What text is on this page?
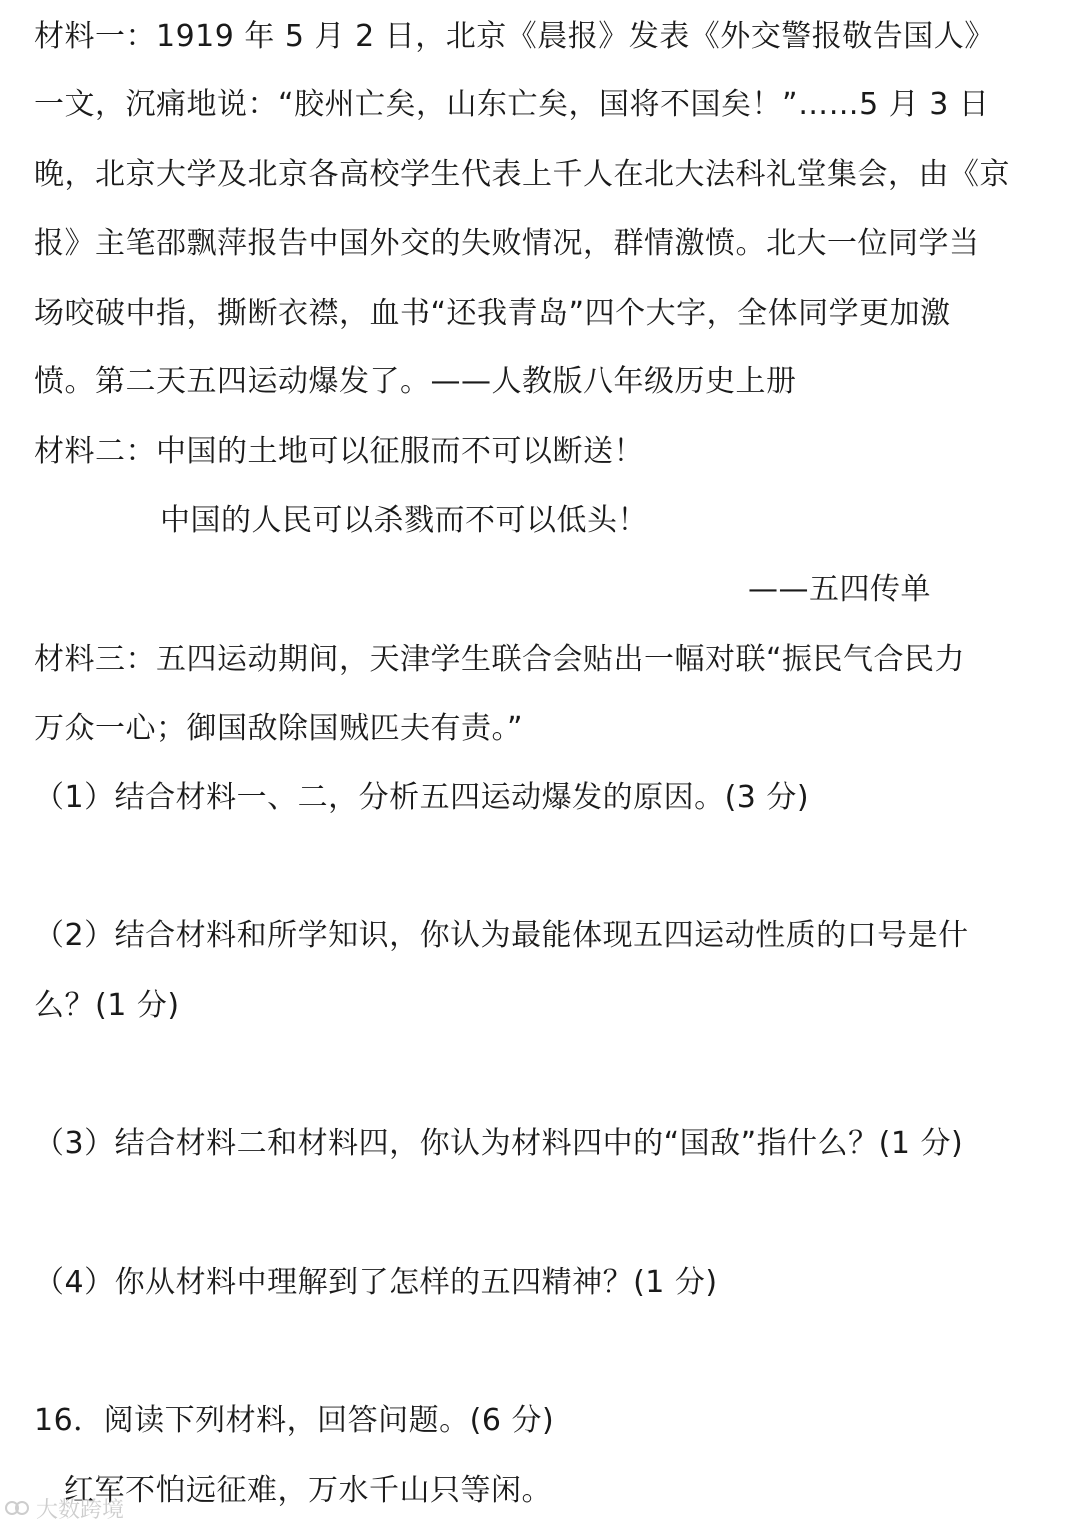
材料一：1919 年 5 月 2 日，北京《晨报》发表《外交警报敬告国人》
一文，沉痛地说：“胶州亡矣，山东亡矣，国将不国矣！”……5 月 3 日
晚，北京大学及北京各高校学生代表上千人在北大法科礼堂集会，由《京
报》主笔邵飘萍报告中国外交的失败情况，群情激愤。北大一位同学当
场咬破中指，撕断衣襟，血书“还我青岛”四个大字，全体同学更加激
愤。第二天五四运动爆发了。——人教版八年级历史上册
材料二：中国的土地可以征服而不可以断送！
中国的人民可以杀戮而不可以低头！
——五四传单
材料三：五四运动期间，天津学生联合会贴出一幅对联“振民气合民力
万众一心；御国敌除国贼匹夫有责。”
（1）结合材料一、二，分析五四运动爆发的原因。(3 分)
（2）结合材料和所学知识，你认为最能体现五四运动性质的口号是什
么？(1 分)
（3）结合材料二和材料四，你认为材料四中的“国敌”指什么？(1 分)
（4）你从材料中理解到了怎样的五四精神？(1 分)
16．阅读下列材料，回答问题。(6 分)
红军不怕远征难，万水千山只等闲。
大数跨境
